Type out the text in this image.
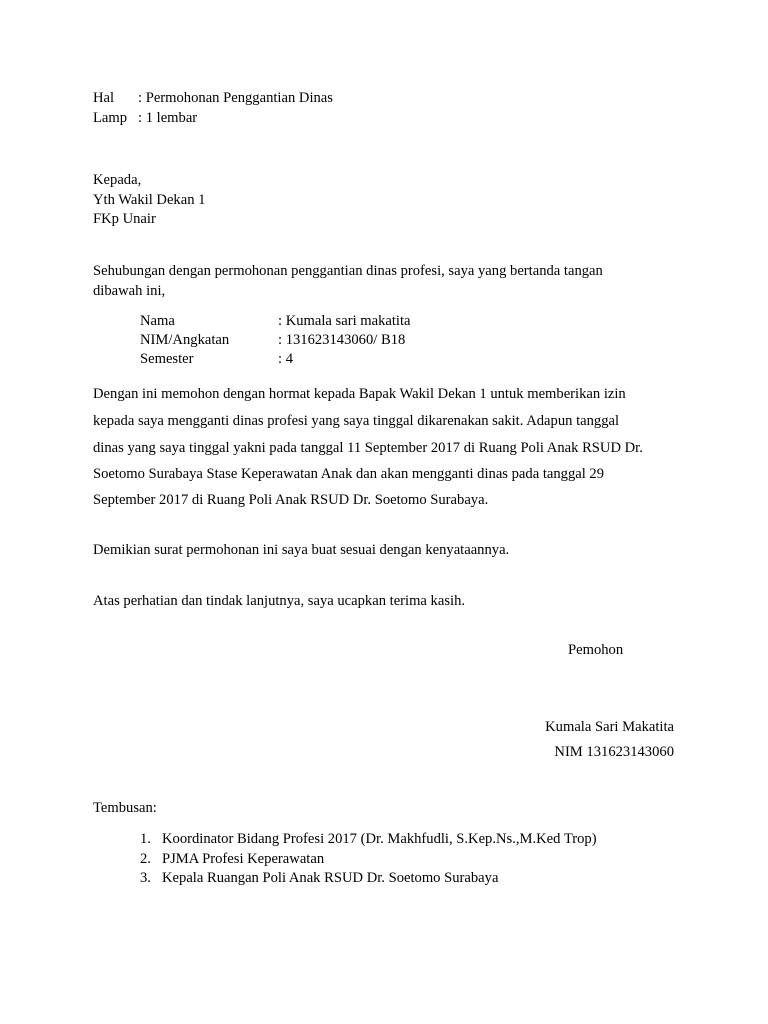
Hal : Permohonan Penggantian Dinas
Lamp : 1 lembar
Kepada,
Yth Wakil Dekan 1
FKp Unair
Sehubungan dengan permohonan penggantian dinas profesi, saya yang bertanda tangan
dibawah ini,
Nama	: Kumala sari makatita
NIM/Angkatan	: 131623143060/ B18
Semester	: 4
Dengan ini memohon dengan hormat kepada Bapak Wakil Dekan 1 untuk memberikan izin
kepada saya mengganti dinas profesi yang saya tinggal dikarenakan sakit. Adapun tanggal
dinas yang saya tinggal yakni pada tanggal 11 September 2017 di Ruang Poli Anak RSUD Dr.
Soetomo Surabaya Stase Keperawatan Anak dan akan mengganti dinas pada tanggal 29
September 2017 di Ruang Poli Anak RSUD Dr. Soetomo Surabaya.
Demikian surat permohonan ini saya buat sesuai dengan kenyataannya.
Atas perhatian dan tindak lanjutnya, saya ucapkan terima kasih.
Pemohon
Kumala Sari Makatita
NIM 131623143060
Tembusan:
1. Koordinator Bidang Profesi 2017 (Dr. Makhfudli, S.Kep.Ns.,M.Ked Trop)
2. PJMA Profesi Keperawatan
3. Kepala Ruangan Poli Anak RSUD Dr. Soetomo Surabaya
